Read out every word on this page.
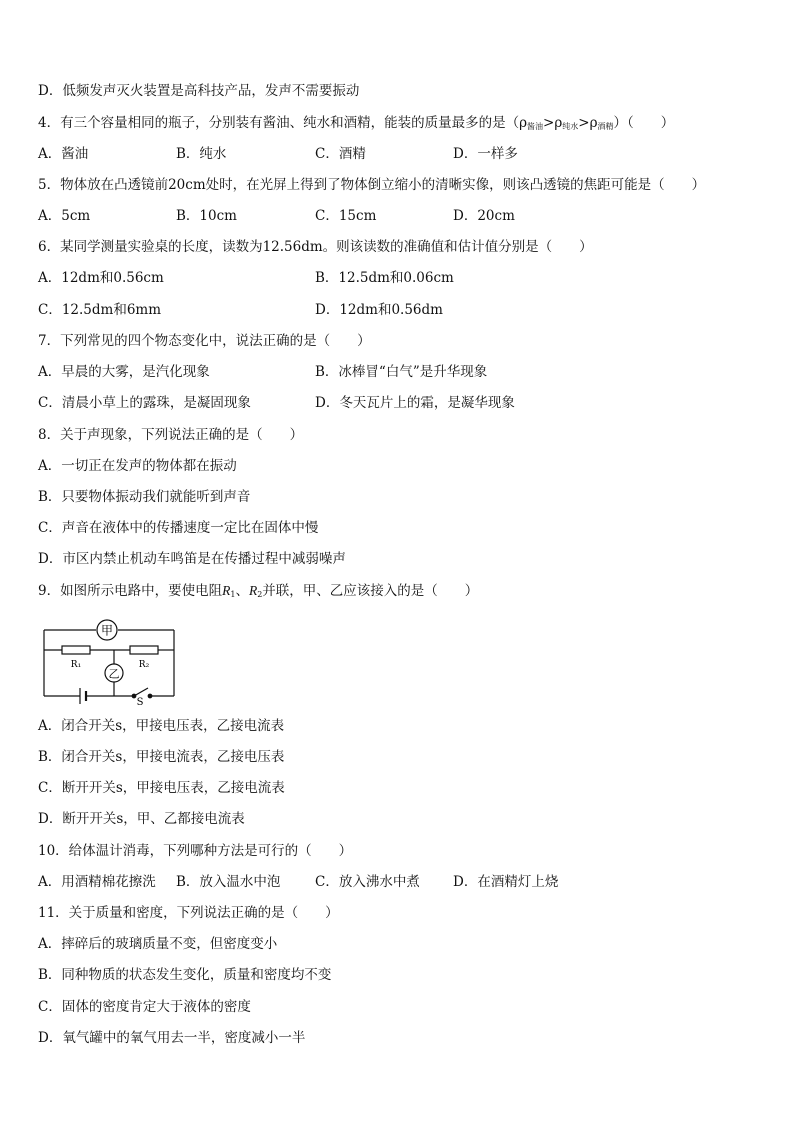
D．低频发声灭火装置是高科技产品，发声不需要振动
4．有三个容量相同的瓶子，分别装有酱油、纯水和酒精，能装的质量最多的是$(\rho_{酱油}>\rho_{纯水}>\rho_{酒精})$（　　）
A．酱油	B．纯水	C．酒精	D．一样多
5．物体放在凸透镜前20cm处时，在光屏上得到了物体倒立缩小的清晰实像，则该凸透镜的焦距可能是（　　）
A．5cm	B．10cm	C．15cm	D．20cm
6．某同学测量实验桌的长度，读数为12.56dm。则该读数的准确值和估计值分别是（　　）
A．12dm和0.56cm	B．12.5dm和0.06cm
C．12.5dm和6mm	D．12dm和0.56dm
7．下列常见的四个物态变化中，说法正确的是（　　）
A．早晨的大雾，是汽化现象	B．冰棒冒“白气”是升华现象
C．清晨小草上的露珠，是凝固现象	D．冬天瓦片上的霜，是凝华现象
8．关于声现象，下列说法正确的是（　　）
A．一切正在发声的物体都在振动
B．只要物体振动我们就能听到声音
C．声音在液体中的传播速度一定比在固体中慢
D．市区内禁止机动车鸣笛是在传播过程中减弱噪声
9．如图所示电路中，要使电阻$R_1$、$R_2$并联，甲、乙应该接入的是（　　）
甲
乙
R₁	R₂
S
A．闭合开关s，甲接电压表，乙接电流表
B．闭合开关s，甲接电流表，乙接电压表
C．断开开关s，甲接电压表，乙接电流表
D．断开开关s，甲、乙都接电流表
10．给体温计消毒，下列哪种方法是可行的（　　）
A．用酒精棉花擦洗 B．放入温水中泡	C．放入沸水中煮 D．在酒精灯上烧
11．关于质量和密度，下列说法正确的是（　　）
A．摔碎后的玻璃质量不变，但密度变小
B．同种物质的状态发生变化，质量和密度均不变
C．固体的密度肯定大于液体的密度
D．氧气罐中的氧气用去一半，密度减小一半
